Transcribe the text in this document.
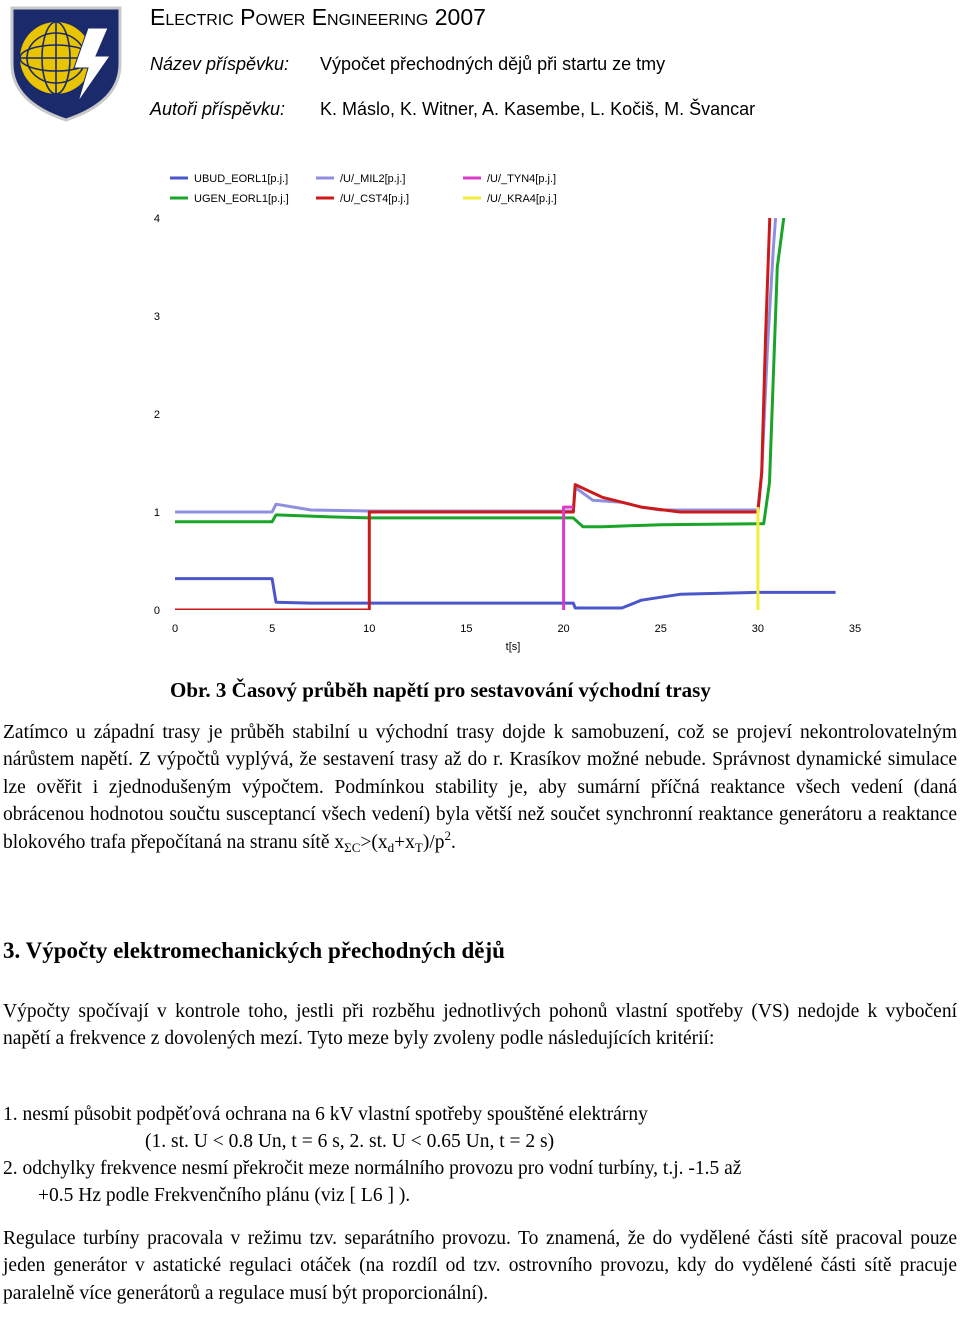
Electric Power Engineering 2007
Název příspěvku: Výpočet přechodných dějů při startu ze tmy
Autoři příspěvku: K. Máslo, K. Witner, A. Kasembe, L. Kočiš, M. Švancar
UBUD_EORL1[p.j.]	/U/_MIL2[p.j.]	/U/_TYN4[p.j.]
UGEN_EORL1[p.j.]	/U/_CST4[p.j.]	/U/_KRA4[p.j.]
0
1
2
3
4
0	5	10	15	20	25	30	35
t[s]
Obr. 3 Časový průběh napětí pro sestavování východní trasy
Zatímco u západní trasy je průběh stabilní u východní trasy dojde k samobuzení, což se projeví nekontrolovatelným nárůstem napětí. Z výpočtů vyplývá, že sestavení trasy až do r. Krasíkov možné nebude. Správnost dynamické simulace lze ověřit i zjednodušeným výpočtem. Podmínkou stability je, aby sumární příčná reaktance všech vedení (daná obrácenou hodnotou součtu susceptancí všech vedení) byla větší než součet synchronní reaktance generátoru a reaktance blokového trafa přepočítaná na stranu sítě $x_{\Sigma C}>(x_d+x_T)/p^2$.
3. Výpočty elektromechanických přechodných dějů
Výpočty spočívají v kontrole toho, jestli při rozběhu jednotlivých pohonů vlastní spotřeby (VS) nedojde k vybočení napětí a frekvence z dovolených mezí. Tyto meze byly zvoleny podle následujících kritérií:
1. nesmí působit podpěťová ochrana na 6 kV vlastní spotřeby spouštěné elektrárny
(1. st. U < 0.8 Un, t = 6 s, 2. st. U < 0.65 Un, t = 2 s)
2. odchylky frekvence nesmí překročit meze normálního provozu pro vodní turbíny, t.j. -1.5 až
+0.5 Hz podle Frekvenčního plánu (viz [ L6 ] ).
Regulace turbíny pracovala v režimu tzv. separátního provozu. To znamená, že do vydělené části sítě pracoval pouze jeden generátor v astatické regulaci otáček (na rozdíl od tzv. ostrovního provozu, kdy do vydělené části sítě pracuje paralelně více generátorů a regulace musí být proporcionální).
